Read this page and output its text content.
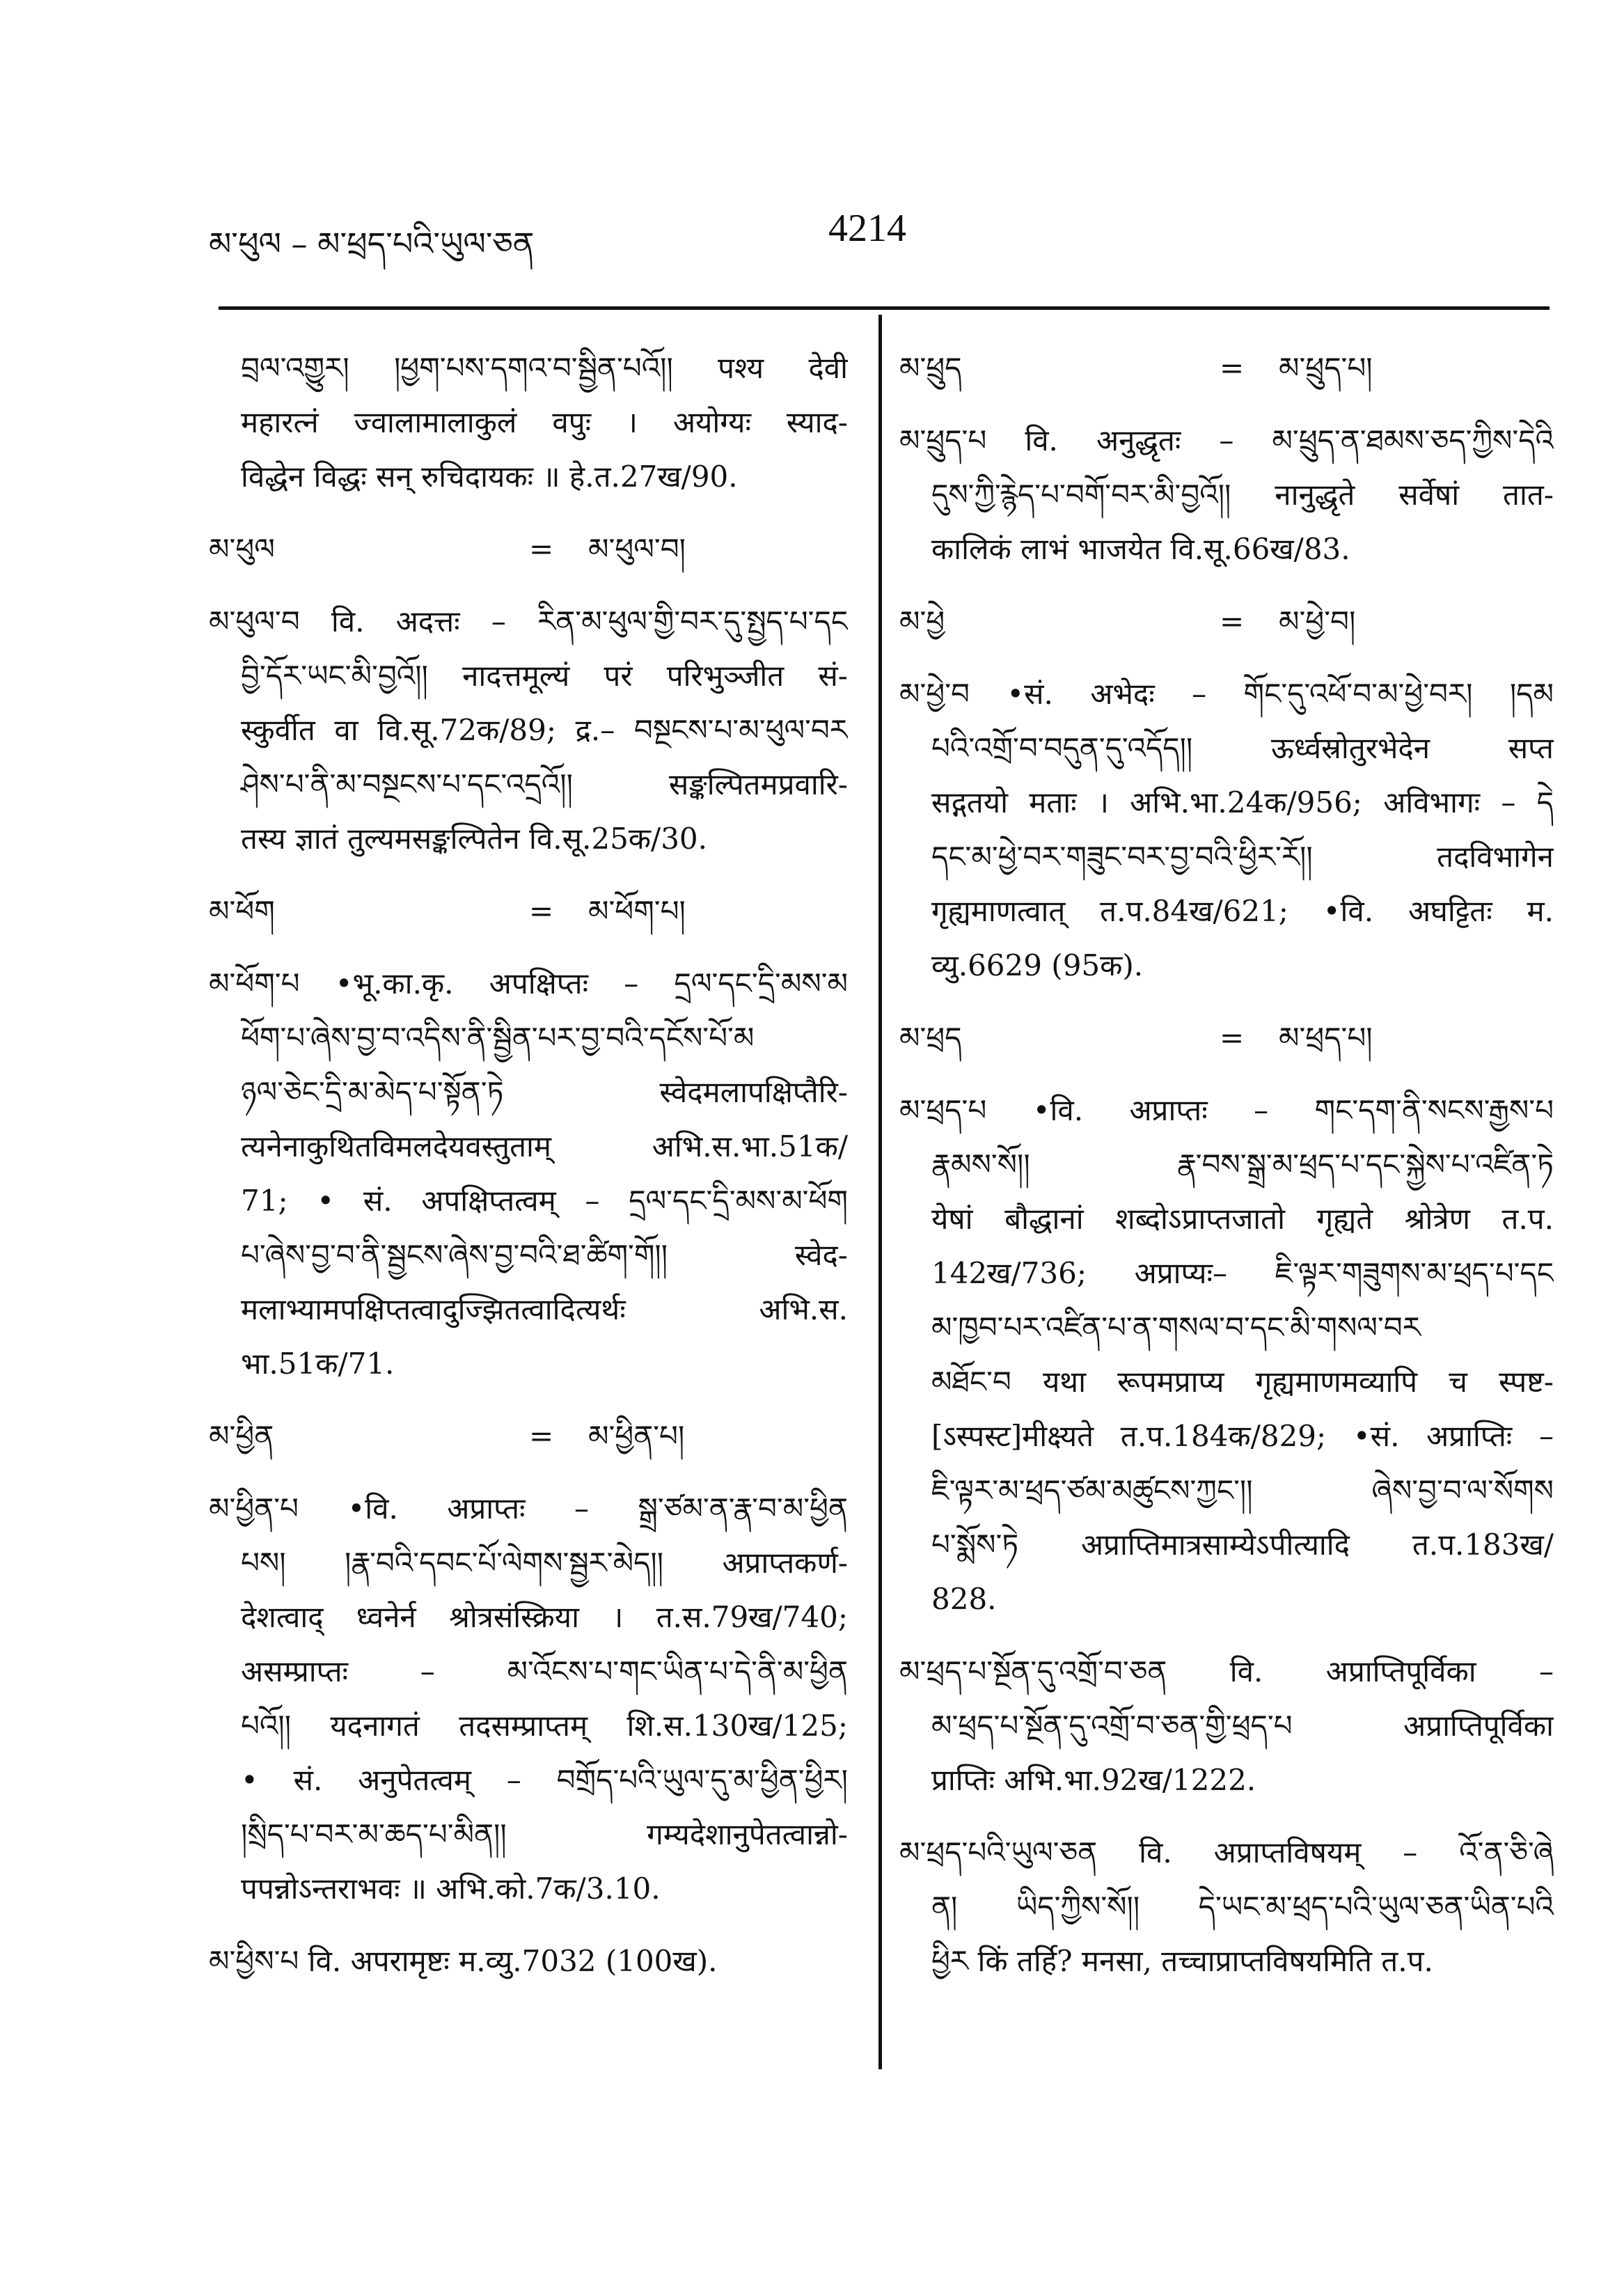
མ་ཕུལ – མ་ཕྲད་པའི་ཡུལ་ཅན	4214
བྲལ་འགྱུར། །ཕྱག་པས་དགའ་བ་སྦྱིན་པའོ།། पश्य देवी
महारत्नं ज्वालामालाकुलं वपुः । अयोग्यः स्याद-
विद्धेन विद्धः सन् रुचिदायकः ॥ हे.त.27ख/90.
མ་ཕུལ	= མ་ཕུལ་བ།
མ་ཕུལ་བ वि. अदत्तः – རིན་མ་ཕུལ་གྱི་བར་དུ་སྤྱད་པ་དང
བྱི་དོར་ཡང་མི་བྱའོ།། नादत्तमूल्यं परं परिभुञ्जीत सं-
स्कुर्वीत वा वि.सू.72क/89; द्र.– བསྔངས་པ་མ་ཕུལ་བར
ཤེས་པ་ནི་མ་བསྔངས་པ་དང་འདྲའོ།། सङ्कल्पितमप्रवारि-
तस्य ज्ञातं तुल्यमसङ्कल्पितेन वि.सू.25क/30.
མ་ཕོག	= མ་ཕོག་པ།
མ་ཕོག་པ •भू.का.कृ. अपक्षिप्तः – དྲལ་དང་དྲི་མས་མ
ཕོག་པ་ཞེས་བྱ་བ་འདིས་ནི་སྦྱིན་པར་བྱ་བའི་དངོས་པོ་མ
ཉལ་ཅེང་དྲི་མ་མེད་པ་སྟོན་ཏེ स्वेदमलापक्षिप्तैरि-
त्यनेनाकुथितविमलदेयवस्तुताम् अभि.स.भा.51क/
71; • सं. अपक्षिप्तत्वम् – དྲལ་དང་དྲི་མས་མ་ཕོག
པ་ཞེས་བྱ་བ་ནི་སྦྱངས་ཞེས་བྱ་བའི་ཐ་ཚིག་གོ།། स्वेद-
मलाभ्यामपक्षिप्तत्वादुज्झितत्वादित्यर्थः अभि.स.
भा.51क/71.
མ་ཕྱིན	= མ་ཕྱིན་པ།
མ་ཕྱིན་པ •वि. अप्राप्तः – སྒྲ་ཙམ་ན་རྣ་བ་མ་ཕྱིན
པས། །རྣ་བའི་དབང་པོ་ལེགས་སྦྱར་མེད།། अप्राप्तकर्ण-
देशत्वाद् ध्वनेर्न श्रोत्रसंस्क्रिया । त.स.79ख/740;
असम्प्राप्तः – མ་འོངས་པ་གང་ཡིན་པ་དེ་ནི་མ་ཕྱིན
པའོ།། यदनागतं तदसम्प्राप्तम् शि.स.130ख/125;
• सं. अनुपेतत्वम् – བགྲོད་པའི་ཡུལ་དུ་མ་ཕྱིན་ཕྱིར།
།སྲིད་པ་བར་མ་ཆད་པ་མིན།། गम्यदेशानुपेतत्वान्नो-
पपन्नोऽन्तराभवः ॥ अभि.को.7क/3.10.
མ་ཕྱིས་པ वि. अपरामृष्टः म.व्यु.7032 (100ख).
མ་ཕྲུད	= མ་ཕྲུད་པ།
མ་ཕྲུད་པ वि. अनुद्धृतः – མ་ཕྲུད་ན་ཐམས་ཅད་ཀྱིས་དེའི
དུས་ཀྱི་རྙེད་པ་བགོ་བར་མི་བྱའོ།། नानुद्धृते सर्वेषां तात-
कालिकं लाभं भाजयेत वि.सू.66ख/83.
མ་ཕྱེ	= མ་ཕྱེ་བ།
མ་ཕྱེ་བ •सं. अभेदः – གོང་དུ་འཕོ་བ་མ་ཕྱེ་བར། །དམ
པའི་འགྲོ་བ་བདུན་དུ་འདོད།། ऊर्ध्वस्रोतुरभेदेन सप्त
सद्गतयो मताः । अभि.भा.24क/956; अविभागः – དེ
དང་མ་ཕྱེ་བར་གཟུང་བར་བྱ་བའི་ཕྱིར་རོ།། तदविभागेन
गृह्यमाणत्वात् त.प.84ख/621; •वि. अघट्टितः म.
व्यु.6629 (95क).
མ་ཕྲད	= མ་ཕྲད་པ།
མ་ཕྲད་པ •वि. अप्राप्तः – གང་དག་ནི་སངས་རྒྱས་པ
རྣམས་སོ།། རྣ་བས་སྒྲ་མ་ཕྲད་པ་དང་སྐྱེས་པ་འཛིན་ཏེ
येषां बौद्धानां शब्दोऽप्राप्तजातो गृह्यते श्रोत्रेण त.प.
142ख/736; अप्राप्यः– ཇི་ལྟར་གཟུགས་མ་ཕྲད་པ་དང
མ་ཁྱབ་པར་འཛིན་པ་ན་གསལ་བ་དང་མི་གསལ་བར
མཐོང་བ यथा रूपमप्राप्य गृह्यमाणमव्यापि च स्पष्ट-
[ऽस्पस्ट]मीक्ष्यते त.प.184क/829; •सं. अप्राप्तिः –
ཇི་ལྟར་མ་ཕྲད་ཙམ་མཚུངས་ཀྱང་།། ཞེས་བྱ་བ་ལ་སོགས
པ་སྨོས་ཏེ अप्राप्तिमात्रसाम्येऽपीत्यादि त.प.183ख/
828.
མ་ཕྲད་པ་སྔོན་དུ་འགྲོ་བ་ཅན वि. अप्राप्तिपूर्विका –
མ་ཕྲད་པ་སྔོན་དུ་འགྲོ་བ་ཅན་གྱི་ཕྲད་པ अप्राप्तिपूर्विका
प्राप्तिः अभि.भा.92ख/1222.
མ་ཕྲད་པའི་ཡུལ་ཅན वि. अप्राप्तविषयम् – འོ་ན་ཅི་ཞེ
ན། ཡིད་ཀྱིས་སོ།། དེ་ཡང་མ་ཕྲད་པའི་ཡུལ་ཅན་ཡིན་པའི
ཕྱིར किं तर्हि? मनसा, तच्चाप्राप्तविषयमिति त.प.
